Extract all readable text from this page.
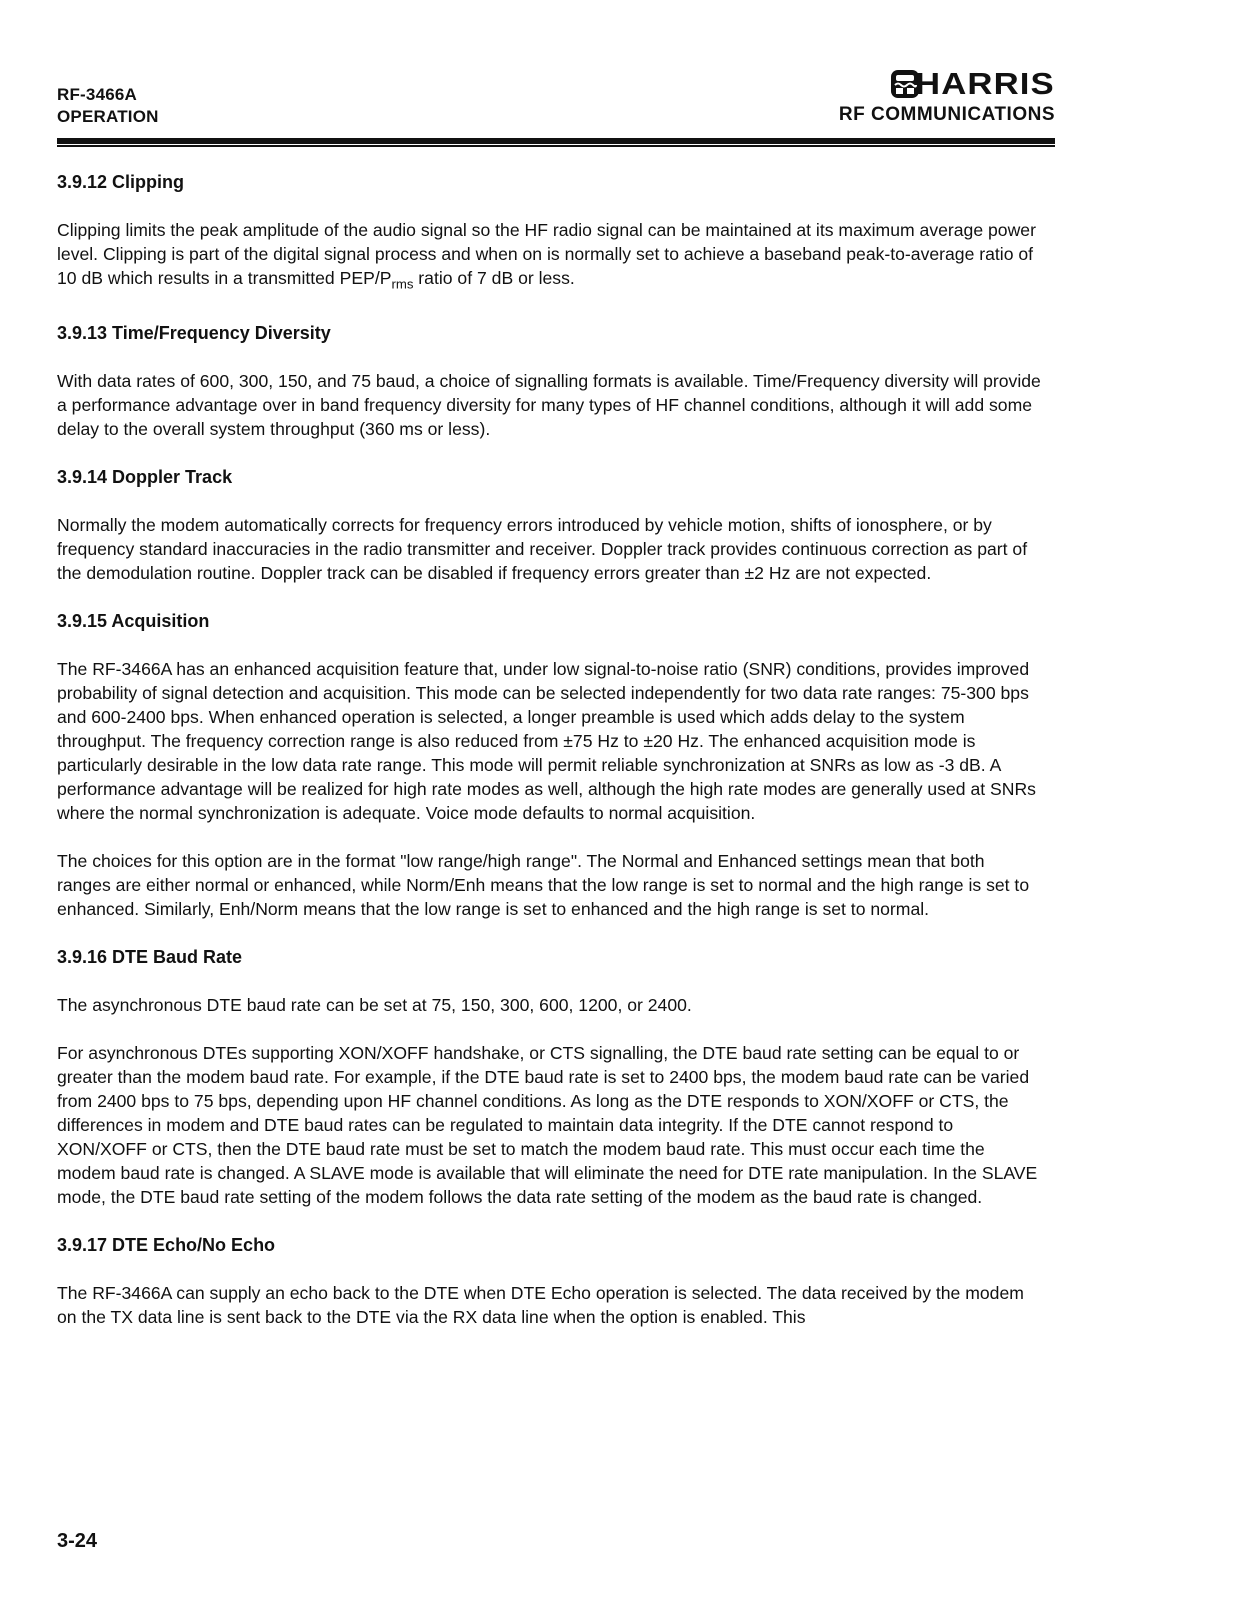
RF-3466A
OPERATION
HARRIS
RF COMMUNICATIONS
3.9.12 Clipping

Clipping limits the peak amplitude of the audio signal so the HF radio signal can be maintained at its maximum average power level. Clipping is part of the digital signal process and when on is normally set to achieve a baseband peak-to-average ratio of 10 dB which results in a transmitted PEP/$P_{rms}$ ratio of 7 dB or less.

3.9.13 Time/Frequency Diversity

With data rates of 600, 300, 150, and 75 baud, a choice of signalling formats is available. Time/Frequency diversity will provide a performance advantage over in band frequency diversity for many types of HF channel conditions, although it will add some delay to the overall system throughput (360 ms or less).

3.9.14 Doppler Track

Normally the modem automatically corrects for frequency errors introduced by vehicle motion, shifts of ionosphere, or by frequency standard inaccuracies in the radio transmitter and receiver. Doppler track provides continuous correction as part of the demodulation routine. Doppler track can be disabled if frequency errors greater than ±2 Hz are not expected.

3.9.15 Acquisition

The RF-3466A has an enhanced acquisition feature that, under low signal-to-noise ratio (SNR) conditions, provides improved probability of signal detection and acquisition. This mode can be selected independently for two data rate ranges: 75-300 bps and 600-2400 bps. When enhanced operation is selected, a longer preamble is used which adds delay to the system throughput. The frequency correction range is also reduced from ±75 Hz to ±20 Hz. The enhanced acquisition mode is particularly desirable in the low data rate range. This mode will permit reliable synchronization at SNRs as low as -3 dB. A performance advantage will be realized for high rate modes as well, although the high rate modes are generally used at SNRs where the normal synchronization is adequate. Voice mode defaults to normal acquisition.

The choices for this option are in the format "low range/high range". The Normal and Enhanced settings mean that both ranges are either normal or enhanced, while Norm/Enh means that the low range is set to normal and the high range is set to enhanced. Similarly, Enh/Norm means that the low range is set to enhanced and the high range is set to normal.

3.9.16 DTE Baud Rate

The asynchronous DTE baud rate can be set at 75, 150, 300, 600, 1200, or 2400.

For asynchronous DTEs supporting XON/XOFF handshake, or CTS signalling, the DTE baud rate setting can be equal to or greater than the modem baud rate. For example, if the DTE baud rate is set to 2400 bps, the modem baud rate can be varied from 2400 bps to 75 bps, depending upon HF channel conditions. As long as the DTE responds to XON/XOFF or CTS, the differences in modem and DTE baud rates can be regulated to maintain data integrity. If the DTE cannot respond to XON/XOFF or CTS, then the DTE baud rate must be set to match the modem baud rate. This must occur each time the modem baud rate is changed. A SLAVE mode is available that will eliminate the need for DTE rate manipulation. In the SLAVE mode, the DTE baud rate setting of the modem follows the data rate setting of the modem as the baud rate is changed.

3.9.17 DTE Echo/No Echo

The RF-3466A can supply an echo back to the DTE when DTE Echo operation is selected. The data received by the modem on the TX data line is sent back to the DTE via the RX data line when the option is enabled. This

3-24
